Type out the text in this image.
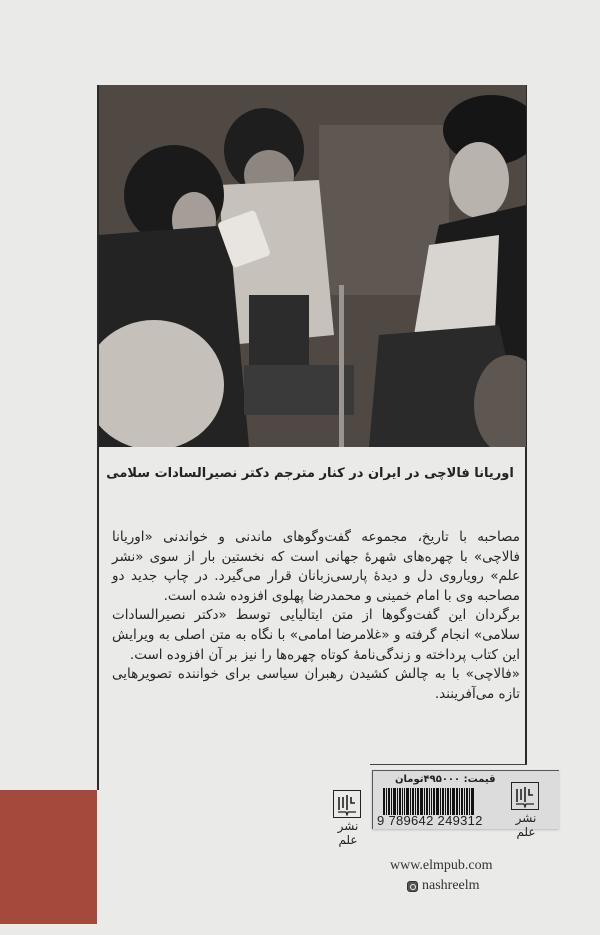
اوریانا فالاچی در ایران در کنار مترجم دکتر نصیرالسادات سلامی

مصاحبه با تاریخ، مجموعه گفت‌وگوهای ماندنی و خواندنی «اوریانا فالاچی» با چهره‌های شهرهٔ جهانی است که نخستین بار از سوی «نشر علم» رویاروی دل و دیدهٔ پارسی‌زبانان قرار می‌گیرد. در چاپ جدید دو مصاحبه وی با امام خمینی و محمدرضا پهلوی افزوده شده است.

برگردان این گفت‌وگوها از متن ایتالیایی توسط «دکتر نصیرالسادات سلامی» انجام گرفته و «غلامرضا امامی» با نگاه به متن اصلی به ویرایش این کتاب پرداخته و زندگی‌نامهٔ کوتاه چهره‌ها را نیز بر آن افزوده است.

«فالاچی» با به چالش کشیدن رهبران سیاسی برای خواننده تصویرهایی تازه می‌آفرینند.

نشر علم
قیمت: ۴۹۵۰۰۰تومان
9 789642 249312	نشر علم
www.elmpub.com
nashreelm
